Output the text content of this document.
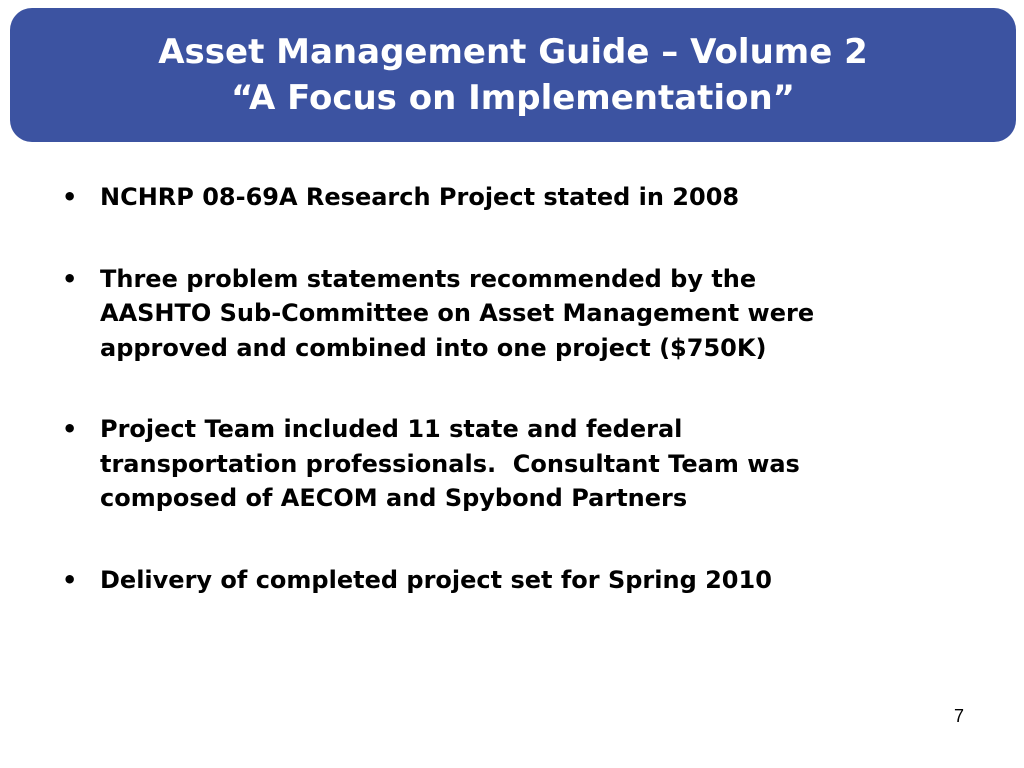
Asset Management Guide – Volume 2
“A Focus on Implementation”
• NCHRP 08-69A Research Project stated in 2008
• Three problem statements recommended by the
AASHTO Sub-Committee on Asset Management were
approved and combined into one project ($750K)
• Project Team included 11 state and federal
transportation professionals.  Consultant Team was
composed of AECOM and Spybond Partners
• Delivery of completed project set for Spring 2010
7
